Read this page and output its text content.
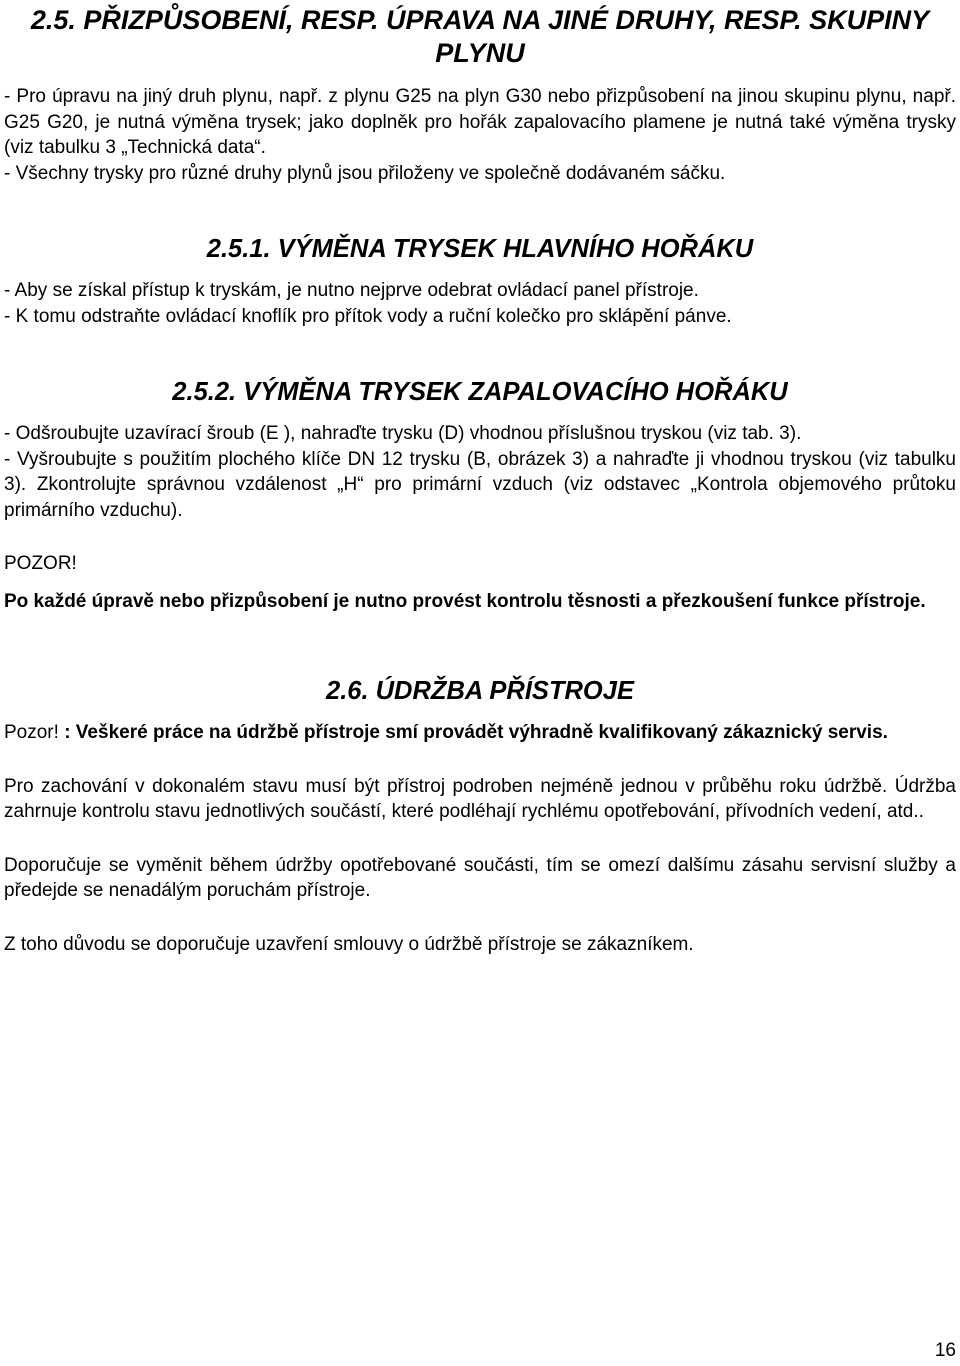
2.5. PŘIZPŮSOBENÍ, RESP. ÚPRAVA NA JINÉ DRUHY, RESP. SKUPINY PLYNU

- Pro úpravu na jiný druh plynu, např. z plynu G25 na plyn G30 nebo přizpůsobení na jinou skupinu plynu, např. G25 G20, je nutná výměna trysek; jako doplněk pro hořák zapalovacího plamene je nutná také výměna trysky (viz tabulku 3 „Technická data“.

- Všechny trysky pro různé druhy plynů jsou přiloženy ve společně dodávaném sáčku.

2.5.1. VÝMĚNA TRYSEK HLAVNÍHO HOŘÁKU

- Aby se získal přístup k tryskám, je nutno nejprve odebrat ovládací panel přístroje.

- K tomu odstraňte ovládací knoflík pro přítok vody a ruční kolečko pro sklápění pánve.

2.5.2. VÝMĚNA TRYSEK ZAPALOVACÍHO HOŘÁKU

- Odšroubujte uzavírací šroub (E ), nahraďte trysku (D) vhodnou příslušnou tryskou (viz tab. 3).

- Vyšroubujte s použitím plochého klíče DN 12 trysku (B, obrázek 3) a nahraďte ji vhodnou tryskou (viz tabulku 3). Zkontrolujte správnou vzdálenost „H“ pro primární vzduch (viz odstavec „Kontrola objemového průtoku primárního vzduchu).

POZOR!

Po každé úpravě nebo přizpůsobení je nutno provést kontrolu těsnosti a přezkoušení funkce přístroje.

2.6. ÚDRŽBA PŘÍSTROJE

Pozor! : Veškeré práce na údržbě přístroje smí provádět výhradně kvalifikovaný zákaznický servis.

Pro zachování v dokonalém stavu musí být přístroj podroben nejméně jednou v průběhu roku údržbě. Údržba zahrnuje kontrolu stavu jednotlivých součástí, které podléhají rychlému opotřebování, přívodních vedení, atd..

Doporučuje se vyměnit během údržby opotřebované součásti, tím se omezí dalšímu zásahu servisní služby a předejde se nenadálým poruchám přístroje.

Z toho důvodu se doporučuje uzavření smlouvy o údržbě přístroje se zákazníkem.

16
